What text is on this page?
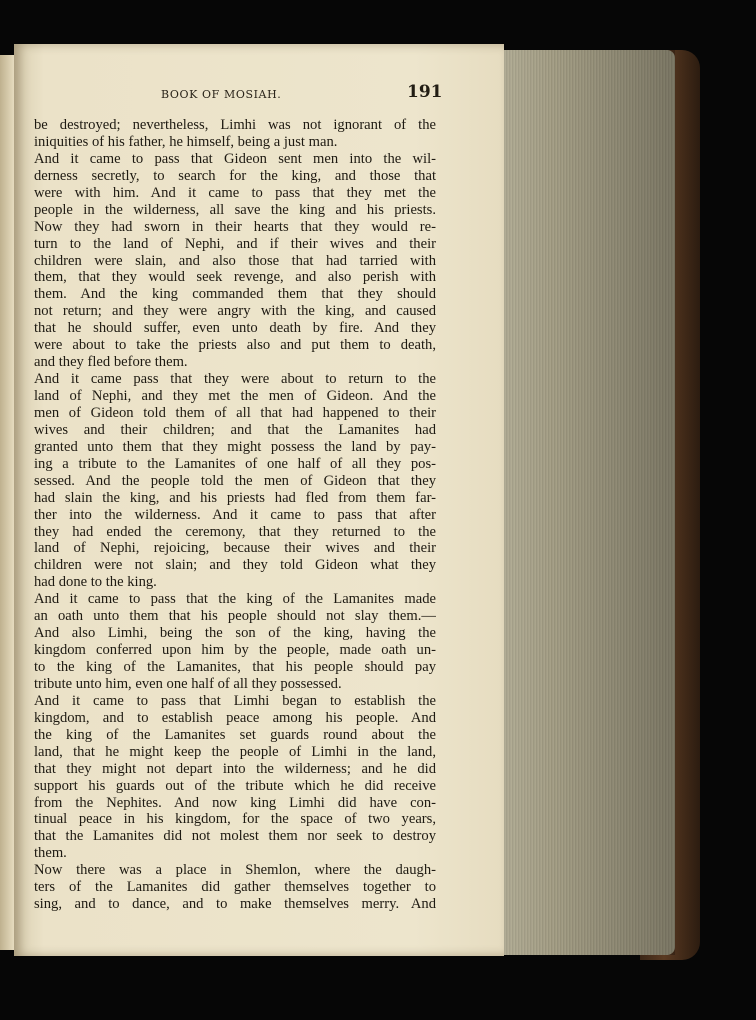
BOOK OF MOSIAH.	191
be destroyed; nevertheless, Limhi was not ignorant of the
iniquities of his father, he himself, being a just man.
And it came to pass that Gideon sent men into the wil-
derness secretly, to search for the king, and those that
were with him. And it came to pass that they met the
people in the wilderness, all save the king and his priests.
Now they had sworn in their hearts that they would re-
turn to the land of Nephi, and if their wives and their
children were slain, and also those that had tarried with
them, that they would seek revenge, and also perish with
them. And the king commanded them that they should
not return; and they were angry with the king, and caused
that he should suffer, even unto death by fire. And they
were about to take the priests also and put them to death,
and they fled before them.
And it came pass that they were about to return to the
land of Nephi, and they met the men of Gideon. And the
men of Gideon told them of all that had happened to their
wives and their children; and that the Lamanites had
granted unto them that they might possess the land by pay-
ing a tribute to the Lamanites of one half of all they pos-
sessed. And the people told the men of Gideon that they
had slain the king, and his priests had fled from them far-
ther into the wilderness. And it came to pass that after
they had ended the ceremony, that they returned to the
land of Nephi, rejoicing, because their wives and their
children were not slain; and they told Gideon what they
had done to the king.
And it came to pass that the king of the Lamanites made
an oath unto them that his people should not slay them.—
And also Limhi, being the son of the king, having the
kingdom conferred upon him by the people, made oath un-
to the king of the Lamanites, that his people should pay
tribute unto him, even one half of all they possessed.
And it came to pass that Limhi began to establish the
kingdom, and to establish peace among his people. And
the king of the Lamanites set guards round about the
land, that he might keep the people of Limhi in the land,
that they might not depart into the wilderness; and he did
support his guards out of the tribute which he did receive
from the Nephites. And now king Limhi did have con-
tinual peace in his kingdom, for the space of two years,
that the Lamanites did not molest them nor seek to destroy
them.
Now there was a place in Shemlon, where the daugh-
ters of the Lamanites did gather themselves together to
sing, and to dance, and to make themselves merry. And
